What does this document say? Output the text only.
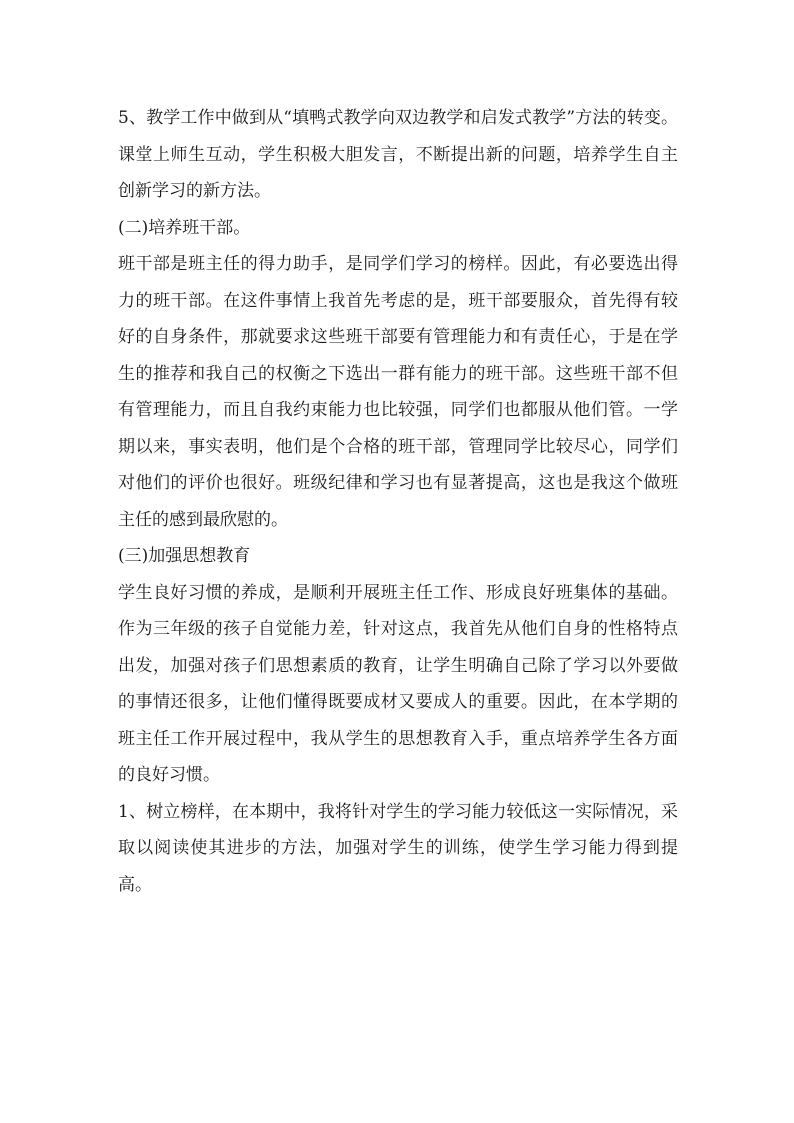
5、教学工作中做到从“填鸭式教学向双边教学和启发式教学”方法的转变。课堂上师生互动，学生积极大胆发言，不断提出新的问题，培养学生自主创新学习的新方法。

(二)培养班干部。

班干部是班主任的得力助手，是同学们学习的榜样。因此，有必要选出得力的班干部。在这件事情上我首先考虑的是，班干部要服众，首先得有较好的自身条件，那就要求这些班干部要有管理能力和有责任心，于是在学生的推荐和我自己的权衡之下选出一群有能力的班干部。这些班干部不但有管理能力，而且自我约束能力也比较强，同学们也都服从他们管。一学期以来，事实表明，他们是个合格的班干部，管理同学比较尽心，同学们对他们的评价也很好。班级纪律和学习也有显著提高，这也是我这个做班主任的感到最欣慰的。

(三)加强思想教育

学生良好习惯的养成，是顺利开展班主任工作、形成良好班集体的基础。作为三年级的孩子自觉能力差，针对这点，我首先从他们自身的性格特点出发，加强对孩子们思想素质的教育，让学生明确自己除了学习以外要做的事情还很多，让他们懂得既要成材又要成人的重要。因此，在本学期的班主任工作开展过程中，我从学生的思想教育入手，重点培养学生各方面的良好习惯。

1、树立榜样，在本期中，我将针对学生的学习能力较低这一实际情况，采取以阅读使其进步的方法，加强对学生的训练，使学生学习能力得到提高。
